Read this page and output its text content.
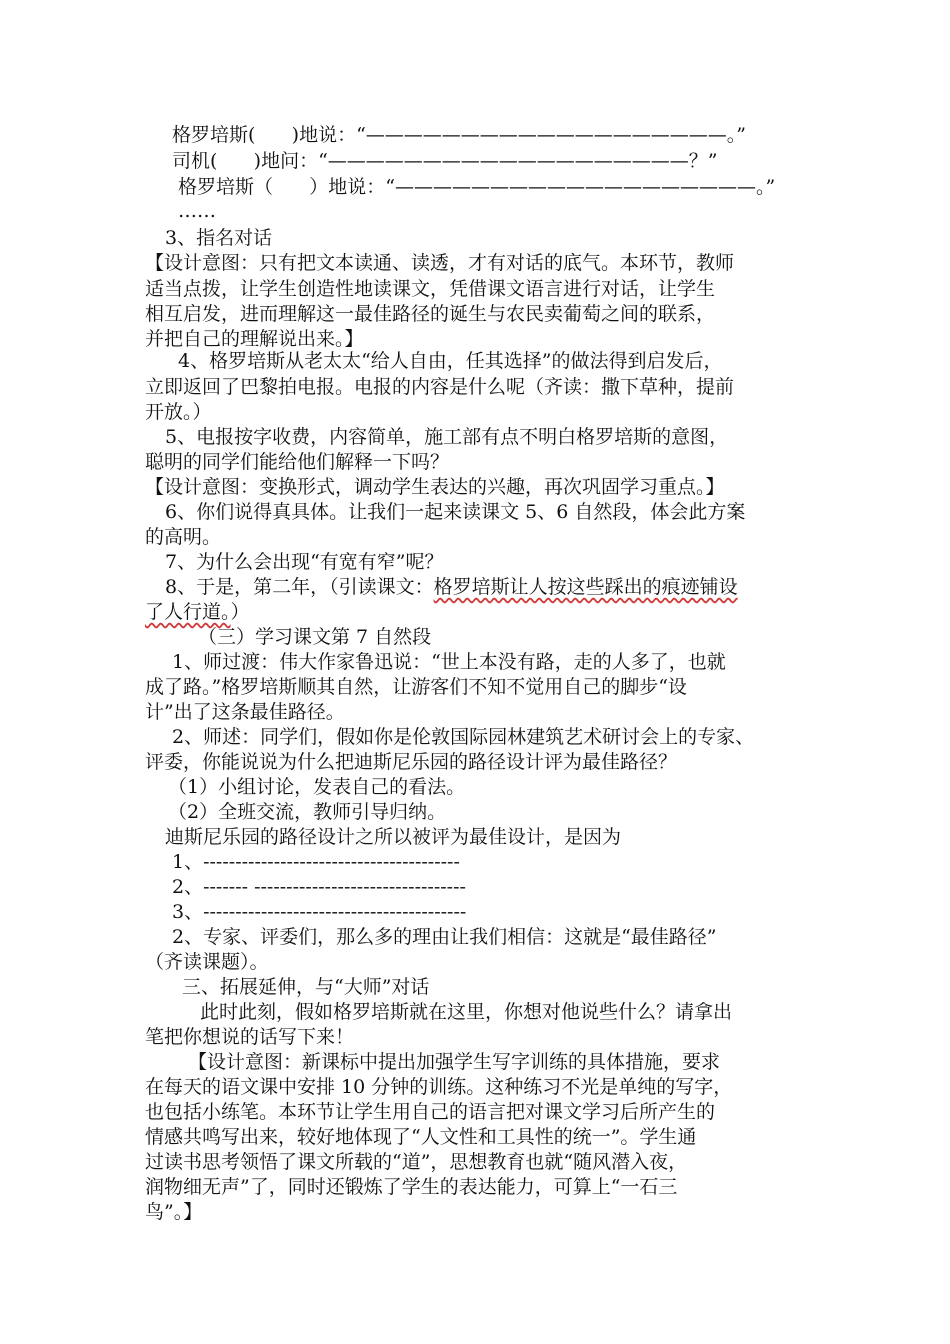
格罗培斯(      )地说：“———————————————————。”
司机(      )地问：“———————————————————？”
格罗培斯（      ）地说：“———————————————————。”
……
3、指名对话
【设计意图：只有把文本读通、读透，才有对话的底气。本环节，教师
适当点拨，让学生创造性地读课文，凭借课文语言进行对话，让学生
相互启发，进而理解这一最佳路径的诞生与农民卖葡萄之间的联系，
并把自己的理解说出来。】
4、格罗培斯从老太太“给人自由，任其选择”的做法得到启发后，
立即返回了巴黎拍电报。电报的内容是什么呢（齐读：撒下草种，提前
开放。）
5、电报按字收费，内容简单，施工部有点不明白格罗培斯的意图，
聪明的同学们能给他们解释一下吗？
【设计意图：变换形式，调动学生表达的兴趣，再次巩固学习重点。】
6、你们说得真具体。让我们一起来读课文 5、6 自然段，体会此方案
的高明。
7、为什么会出现“有宽有窄”呢？
8、于是，第二年，（引读课文：格罗培斯让人按这些踩出的痕迹铺设
了人行道。）
（三）学习课文第 7 自然段
1、师过渡：伟大作家鲁迅说：“世上本没有路，走的人多了，也就
成了路。”格罗培斯顺其自然，让游客们不知不觉用自己的脚步“设
计”出了这条最佳路径。
2、师述：同学们，假如你是伦敦国际园林建筑艺术研讨会上的专家、
评委，你能说说为什么把迪斯尼乐园的路径设计评为最佳路径？
（1）小组讨论，发表自己的看法。
（2）全班交流，教师引导归纳。
迪斯尼乐园的路径设计之所以被评为最佳设计，是因为
1、----------------------------------------
2、------- ---------------------------------
3、-----------------------------------------
2、专家、评委们，那么多的理由让我们相信：这就是“最佳路径”
（齐读课题）。
三、拓展延伸，与“大师”对话
此时此刻，假如格罗培斯就在这里，你想对他说些什么？请拿出
笔把你想说的话写下来！
【设计意图：新课标中提出加强学生写字训练的具体措施，要求
在每天的语文课中安排 10 分钟的训练。这种练习不光是单纯的写字，
也包括小练笔。本环节让学生用自己的语言把对课文学习后所产生的
情感共鸣写出来，较好地体现了“人文性和工具性的统一”。学生通
过读书思考领悟了课文所载的“道”，思想教育也就“随风潜入夜，
润物细无声”了，同时还锻炼了学生的表达能力，可算上“一石三
鸟”。】
